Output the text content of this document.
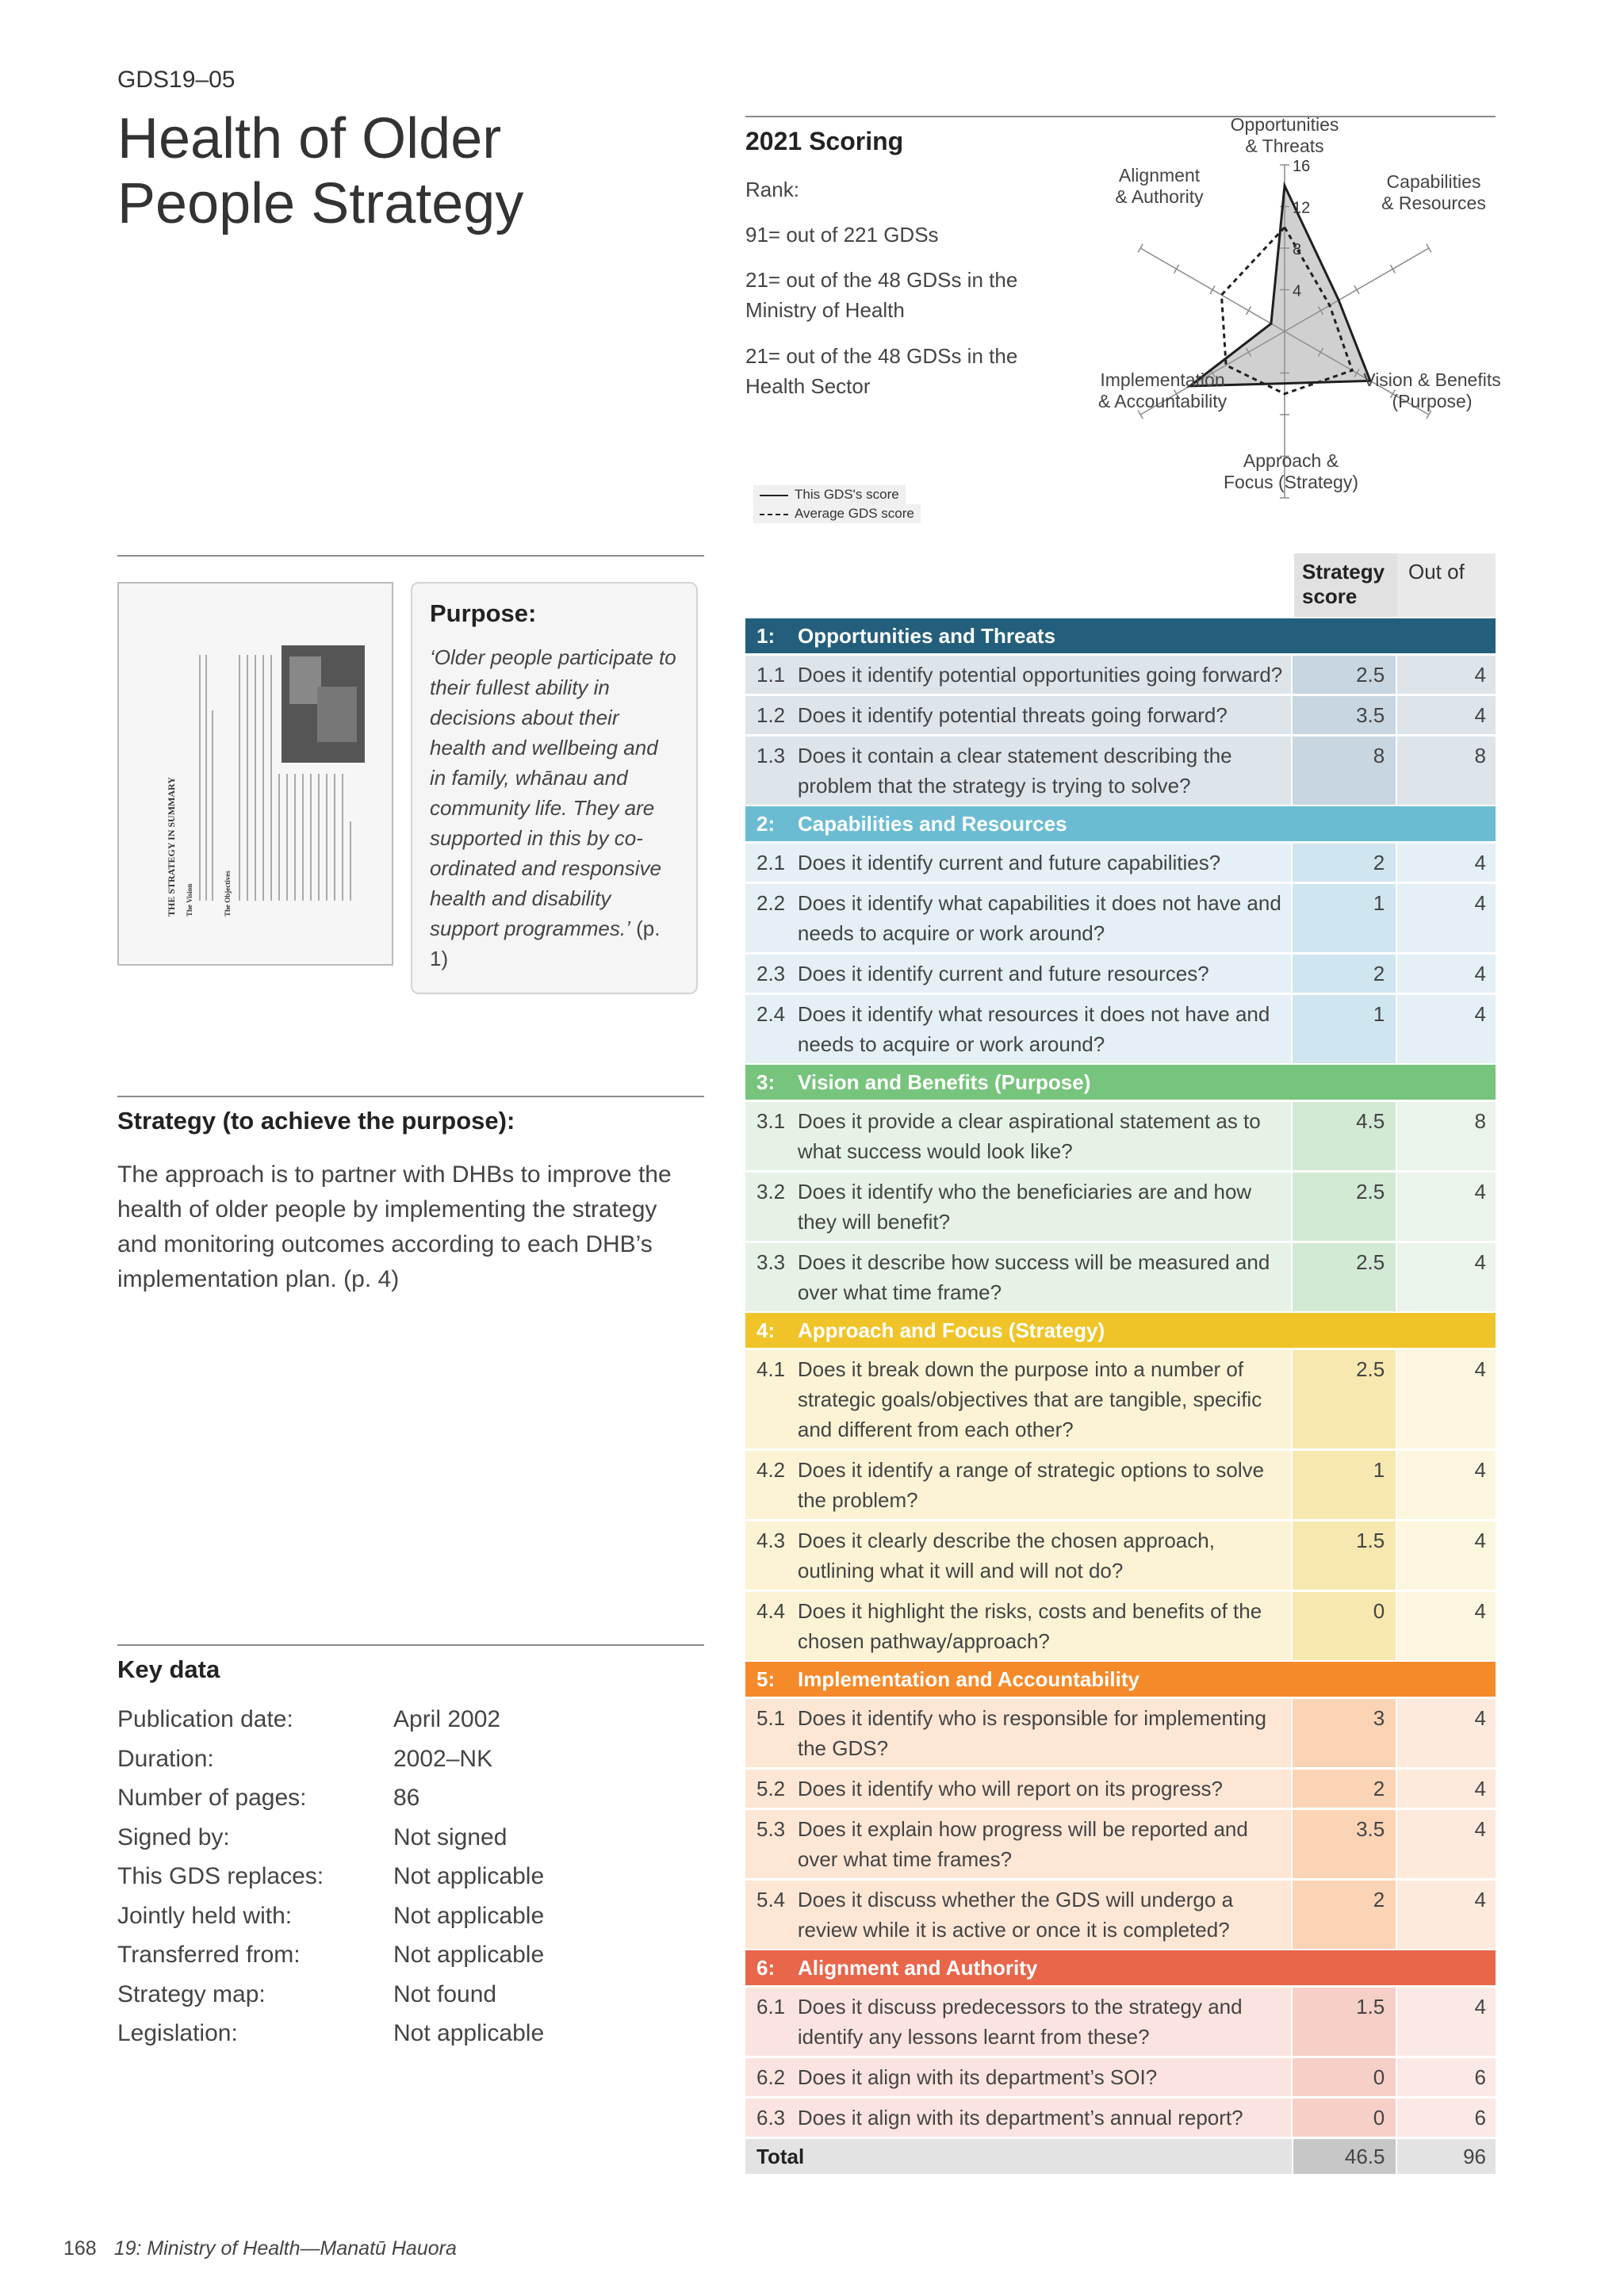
GDS19–05
Health of Older
People Strategy
2021 Scoring
Rank:
91= out of 221 GDSs
21= out of the 48 GDSs in the Ministry of Health
21= out of the 48 GDSs in the Health Sector
This GDS's score
Average GDS score
4
8
12
16
Opportunities
& Threats
Capabilities
& Resources
Vision & Benefits
(Purpose)
Approach &
Focus (Strategy)
Implementation
& Accountability
Alignment
& Authority
THE STRATEGY IN SUMMARY The Vision	The Objectives
Purpose:
‘Older people participate to their fullest ability in decisions about their health and wellbeing and in family, whānau and community life. They are supported in this by co-ordinated and responsive health and disability support programmes.’ (p. 1)
Strategy (to achieve the purpose):
The approach is to partner with DHBs to improve the health of older people by implementing the strategy and monitoring outcomes according to each DHB’s implementation plan. (p. 4)
Key data
Publication date:	April 2002
Duration:	2002–NK
Number of pages:	86
Signed by:	Not signed
This GDS replaces:	Not applicable
Jointly held with:	Not applicable
Transferred from:	Not applicable
Strategy map:	Not found
Legislation:	Not applicable
Strategy score
Out of
1:	Opportunities and Threats
1.1 Does it identify potential opportunities going forward?	2.5	4
1.2 Does it identify potential threats going forward?	3.5	4
1.3 Does it contain a clear statement describing the problem that the strategy is trying to solve?
8	8
2:	Capabilities and Resources
2.1 Does it identify current and future capabilities?	2	4
2.2 Does it identify what capabilities it does not have and needs to acquire or work around?
1	4
2.3 Does it identify current and future resources?	2	4
2.4 Does it identify what resources it does not have and needs to acquire or work around?
1	4
3:	Vision and Benefits (Purpose)
3.1 Does it provide a clear aspirational statement as to what success would look like?
4.5	8
3.2 Does it identify who the beneficiaries are and how they will benefit?
2.5	4
3.3 Does it describe how success will be measured and over what time frame?
2.5	4
4:	Approach and Focus (Strategy)
4.1 Does it break down the purpose into a number of strategic goals/objectives that are tangible, specific and different from each other?
2.5	4
4.2 Does it identify a range of strategic options to solve the problem?
1	4
4.3 Does it clearly describe the chosen approach, outlining what it will and will not do?
1.5	4
4.4 Does it highlight the risks, costs and benefits of the chosen pathway/approach?
0	4
5:	Implementation and Accountability
5.1 Does it identify who is responsible for implementing the GDS?
3	4
5.2 Does it identify who will report on its progress?	2	4
5.3 Does it explain how progress will be reported and over what time frames?
3.5	4
5.4 Does it discuss whether the GDS will undergo a review while it is active or once it is completed?
2	4
6:	Alignment and Authority
6.1 Does it discuss predecessors to the strategy and identify any lessons learnt from these?
1.5	4
6.2 Does it align with its department’s SOI?	0	6
6.3 Does it align with its department’s annual report?	0	6
Total	46.5	96
168 19: Ministry of Health—Manatū Hauora
